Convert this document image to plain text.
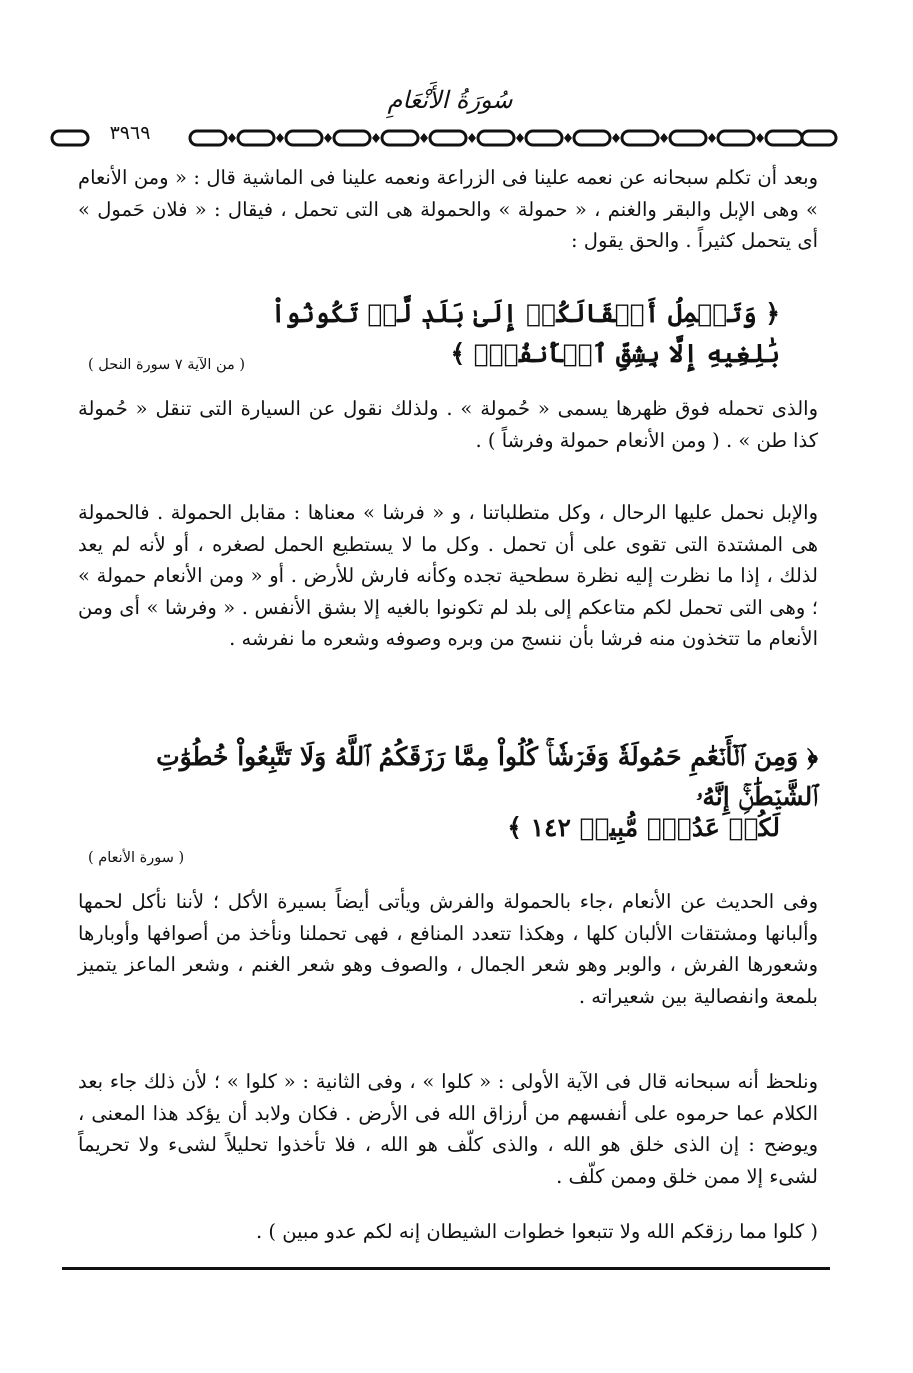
سُورَةُ الأَنْعَامِ
٣٩٦٩

وبعد أن تكلم سبحانه عن نعمه علينا فى الزراعة ونعمه علينا فى الماشية قال : « ومن الأنعام » وهى الإبل والبقر والغنم ، « حمولة » والحمولة هى التى تحمل ، فيقال : « فلان حَمول » أى يتحمل كثيراً . والحق يقول :

﴿ وَتَحۡمِلُ أَثۡقَالَكُمۡ إِلَىٰ بَلَدٖ لَّمۡ تَكُونُواْ بَٰلِغِيهِ إِلَّا بِشِقِّ ٱلۡأَنفُسِۚ ﴾

( من الآية ٧ سورة النحل )

والذى تحمله فوق ظهرها يسمى « حُمولة » . ولذلك نقول عن السيارة التى تنقل « حُمولة كذا طن » . ( ومن الأنعام حمولة وفرشاً ) .

والإبل نحمل عليها الرحال ، وكل متطلباتنا ، و « فرشا » معناها : مقابل الحمولة . فالحمولة هى المشتدة التى تقوى على أن تحمل . وكل ما لا يستطيع الحمل لصغره ، أو لأنه لم يعد لذلك ، إذا ما نظرت إليه نظرة سطحية تجده وكأنه فارش للأرض . أو « ومن الأنعام حمولة » ؛ وهى التى تحمل لكم متاعكم إلى بلد لم تكونوا بالغيه إلا بشق الأنفس . « وفرشا » أى ومن الأنعام ما تتخذون منه فرشا بأن ننسج من وبره وصوفه وشعره ما نفرشه .

﴿ وَمِنَ ٱلۡأَنۡعَٰمِ حَمُولَةٗ وَفَرۡشٗاۚ كُلُواْ مِمَّا رَزَقَكُمُ ٱللَّهُ وَلَا تَتَّبِعُواْ خُطُوَٰتِ ٱلشَّيۡطَٰنِۚ إِنَّهُۥ

لَكُمۡ عَدُوّٞ مُّبِينٞ ١٤٢ ﴾

( سورة الأنعام )

وفى الحديث عن الأنعام ،جاء بالحمولة والفرش ويأتى أيضاً بسيرة الأكل ؛ لأننا نأكل لحمها وألبانها ومشتقات الألبان كلها ، وهكذا تتعدد المنافع ، فهى تحملنا ونأخذ من أصوافها وأوبارها وشعورها الفرش ، والوبر وهو شعر الجمال ، والصوف وهو شعر الغنم ، وشعر الماعز يتميز بلمعة وانفصالية بين شعيراته .

ونلحظ أنه سبحانه قال فى الآية الأولى : « كلوا » ، وفى الثانية : « كلوا » ؛ لأن ذلك جاء بعد الكلام عما حرموه على أنفسهم من أرزاق الله فى الأرض . فكان ولابد أن يؤكد هذا المعنى ، ويوضح : إن الذى خلق هو الله ، والذى كلّف هو الله ، فلا تأخذوا تحليلاً لشىء ولا تحريماً لشىء إلا ممن خلق وممن كلّف .

( كلوا مما رزقكم الله ولا تتبعوا خطوات الشيطان إنه لكم عدو مبين ) .
